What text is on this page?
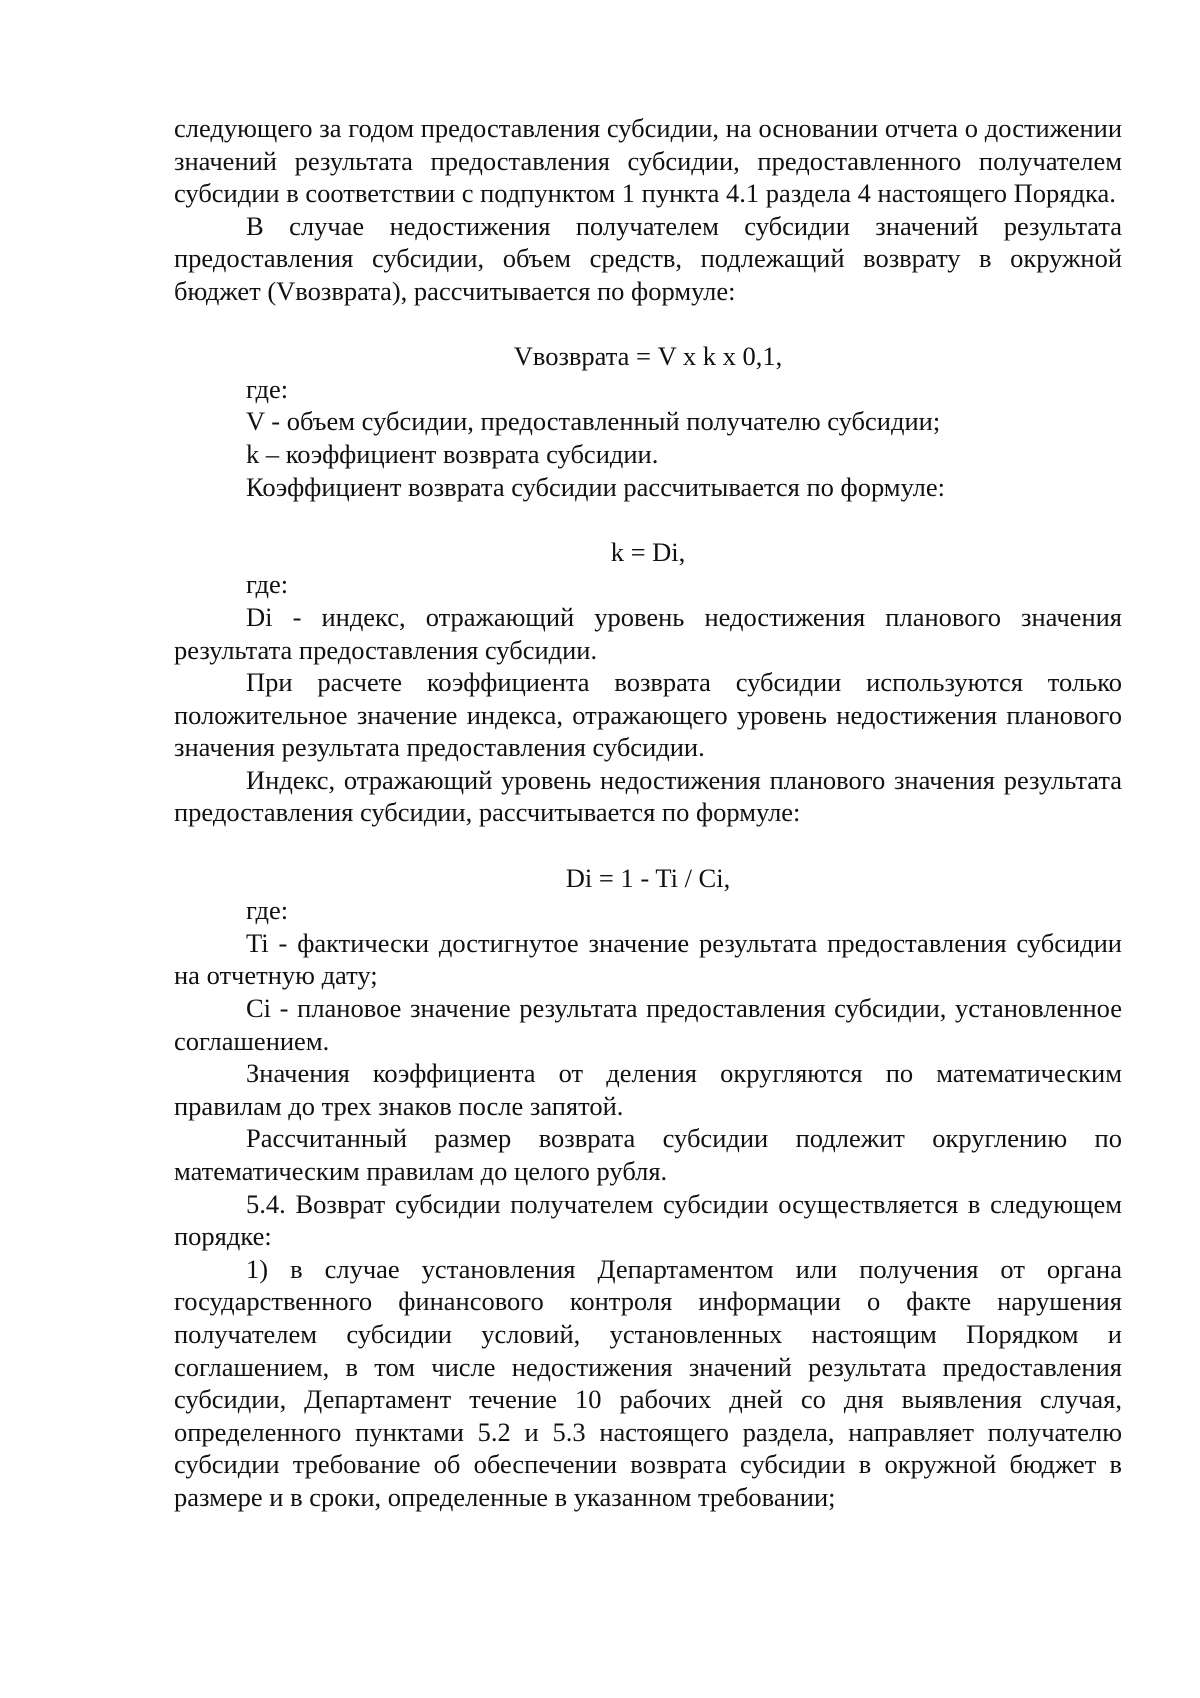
следующего за годом предоставления субсидии, на основании отчета о достижении значений результата предоставления субсидии, предоставленного получателем субсидии в соответствии с подпунктом 1 пункта 4.1 раздела 4 настоящего Порядка.

В случае недостижения получателем субсидии значений результата предоставления субсидии, объем средств, подлежащий возврату в окружной бюджет (Vвозврата), рассчитывается по формуле:

Vвозврата = V x k x 0,1,

где:

V - объем субсидии, предоставленный получателю субсидии;

k – коэффициент возврата субсидии.

Коэффициент возврата субсидии рассчитывается по формуле:

k = Di,

где:

Di - индекс, отражающий уровень недостижения планового значения результата предоставления субсидии.

При расчете коэффициента возврата субсидии используются только положительное значение индекса, отражающего уровень недостижения планового значения результата предоставления субсидии.

Индекс, отражающий уровень недостижения планового значения результата предоставления субсидии, рассчитывается по формуле:

Di = 1 - Ti / Ci,

где:

Ti - фактически достигнутое значение результата предоставления субсидии на отчетную дату;

Ci - плановое значение результата предоставления субсидии, установленное соглашением.

Значения коэффициента от деления округляются по математическим правилам до трех знаков после запятой.

Рассчитанный размер возврата субсидии подлежит округлению по математическим правилам до целого рубля.

5.4. Возврат субсидии получателем субсидии осуществляется в следующем порядке:

1) в случае установления Департаментом или получения от органа государственного финансового контроля информации о факте нарушения получателем субсидии условий, установленных настоящим Порядком и соглашением, в том числе недостижения значений результата предоставления субсидии, Департамент течение 10 рабочих дней со дня выявления случая, определенного пунктами 5.2 и 5.3 настоящего раздела, направляет получателю субсидии требование об обеспечении возврата субсидии в окружной бюджет в размере и в сроки, определенные в указанном требовании;
